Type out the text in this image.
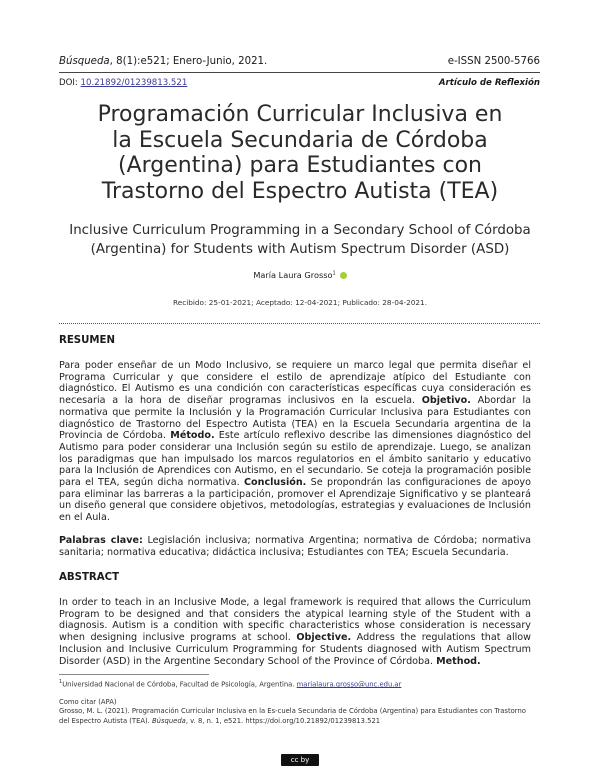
Búsqueda, 8(1):e521; Enero-Junio, 2021.	e-ISSN 2500-5766
DOI: 10.21892/01239813.521	Artículo de Reflexión
Programación Curricular Inclusiva en
la Escuela Secundaria de Córdoba
(Argentina) para Estudiantes con
Trastorno del Espectro Autista (TEA)
Inclusive Curriculum Programming in a Secondary School of Córdoba
(Argentina) for Students with Autism Spectrum Disorder (ASD)
María Laura Grosso$^1$
Recibido: 25-01-2021; Aceptado: 12-04-2021; Publicado: 28-04-2021.
RESUMEN
Para poder enseñar de un Modo Inclusivo, se requiere un marco legal que permita diseñar el Programa Curricular y que considere el estilo de aprendizaje atípico del Estudiante con diagnóstico. El Autismo es una condición con características específicas cuya consideración es necesaria a la hora de diseñar programas inclusivos en la escuela. Objetivo. Abordar la normativa que permite la Inclusión y la Programación Curricular Inclusiva para Estudiantes con diagnóstico de Trastorno del Espectro Autista (TEA) en la Escuela Secundaria argentina de la Provincia de Córdoba. Método. Este artículo reflexivo describe las dimensiones diagnóstico del Autismo para poder considerar una Inclusión según su estilo de aprendizaje. Luego, se analizan los paradigmas que han impulsado los marcos regulatorios en el ámbito sanitario y educativo para la Inclusión de Aprendices con Autismo, en el secundario. Se coteja la programación posible para el TEA, según dicha normativa. Conclusión. Se propondrán las configuraciones de apoyo para eliminar las barreras a la participación, promover el Aprendizaje Significativo y se planteará un diseño general que considere objetivos, metodologías, estrategias y evaluaciones de Inclusión en el Aula.
Palabras clave: Legislación inclusiva; normativa Argentina; normativa de Córdoba; normativa sanitaria; normativa educativa; didáctica inclusiva; Estudiantes con TEA; Escuela Secundaria.
ABSTRACT
In order to teach in an Inclusive Mode, a legal framework is required that allows the Curriculum Program to be designed and that considers the atypical learning style of the Student with a diagnosis. Autism is a condition with specific characteristics whose consideration is necessary when designing inclusive programs at school. Objective. Address the regulations that allow Inclusion and Inclusive Curriculum Programming for Students diagnosed with Autism Spectrum Disorder (ASD) in the Argentine Secondary School of the Province of Córdoba. Method.
$^1$Universidad Nacional de Córdoba, Facultad de Psicología, Argentina. marialaura.grosso@unc.edu.ar
Como citar (APA)
Grosso, M. L. (2021). Programación Curricular Inclusiva en la Es-cuela Secundaria de Córdoba (Argentina) para Estudiantes con Trastorno
del Espectro Autista (TEA). Búsqueda, v. 8, n. 1, e521. https://doi.org/10.21892/01239813.521
cc by
